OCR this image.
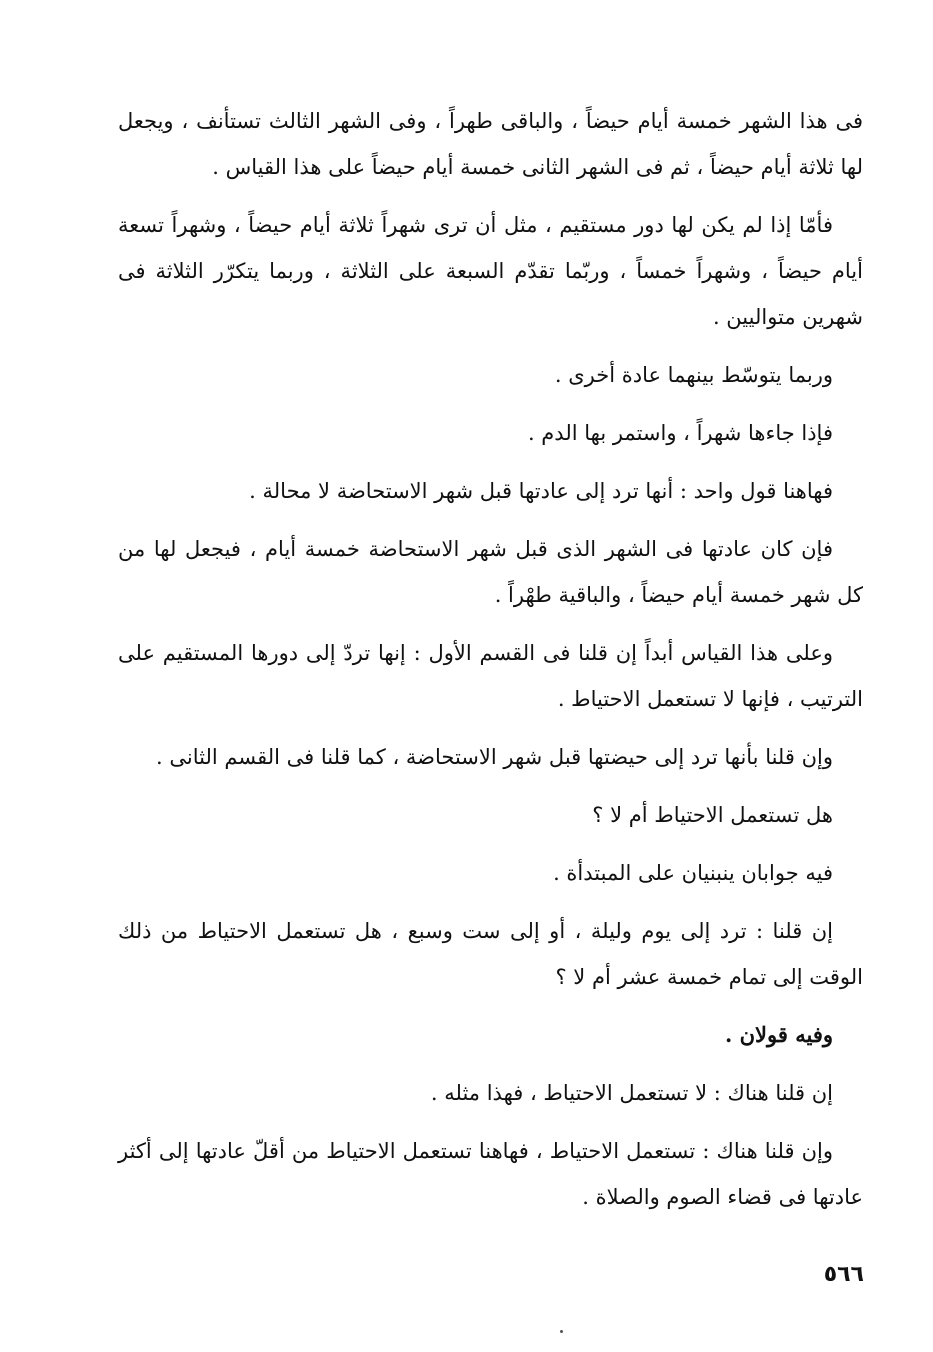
فى هذا الشهر خمسة أيام حيضاً ، والباقى طهراً ، وفى الشهر الثالث تستأنف ، ويجعل لها ثلاثة أيام حيضاً ، ثم فى الشهر الثانى خمسة أيام حيضاً على هذا القياس .

فأمّا إذا لم يكن لها دور مستقيم ، مثل أن ترى شهراً ثلاثة أيام حيضاً ، وشهراً تسعة أيام حيضاً ، وشهراً خمساً ، وربّما تقدّم السبعة على الثلاثة ، وربما يتكرّر الثلاثة فى شهرين متواليين .

وربما يتوسّط بينهما عادة أخرى .

فإذا جاءها شهراً ، واستمر بها الدم .

فهاهنا قول واحد : أنها ترد إلى عادتها قبل شهر الاستحاضة لا محالة .

فإن كان عادتها فى الشهر الذى قبل شهر الاستحاضة خمسة أيام ، فيجعل لها من كل شهر خمسة أيام حيضاً ، والباقية طهْراً .

وعلى هذا القياس أبداً إن قلنا فى القسم الأول : إنها تردّ إلى دورها المستقيم على الترتيب ، فإنها لا تستعمل الاحتياط .

وإن قلنا بأنها ترد إلى حيضتها قبل شهر الاستحاضة ، كما قلنا فى القسم الثانى .

هل تستعمل الاحتياط أم لا ؟

فيه جوابان ينبنيان على المبتدأة .

إن قلنا : ترد إلى يوم وليلة ، أو إلى ست وسبع ، هل تستعمل الاحتياط من ذلك الوقت إلى تمام خمسة عشر أم لا ؟

وفيه قولان .

إن قلنا هناك : لا تستعمل الاحتياط ، فهذا مثله .

وإن قلنا هناك : تستعمل الاحتياط ، فهاهنا تستعمل الاحتياط من أقلّ عادتها إلى أكثر عادتها فى قضاء الصوم والصلاة .

٥٦٦
